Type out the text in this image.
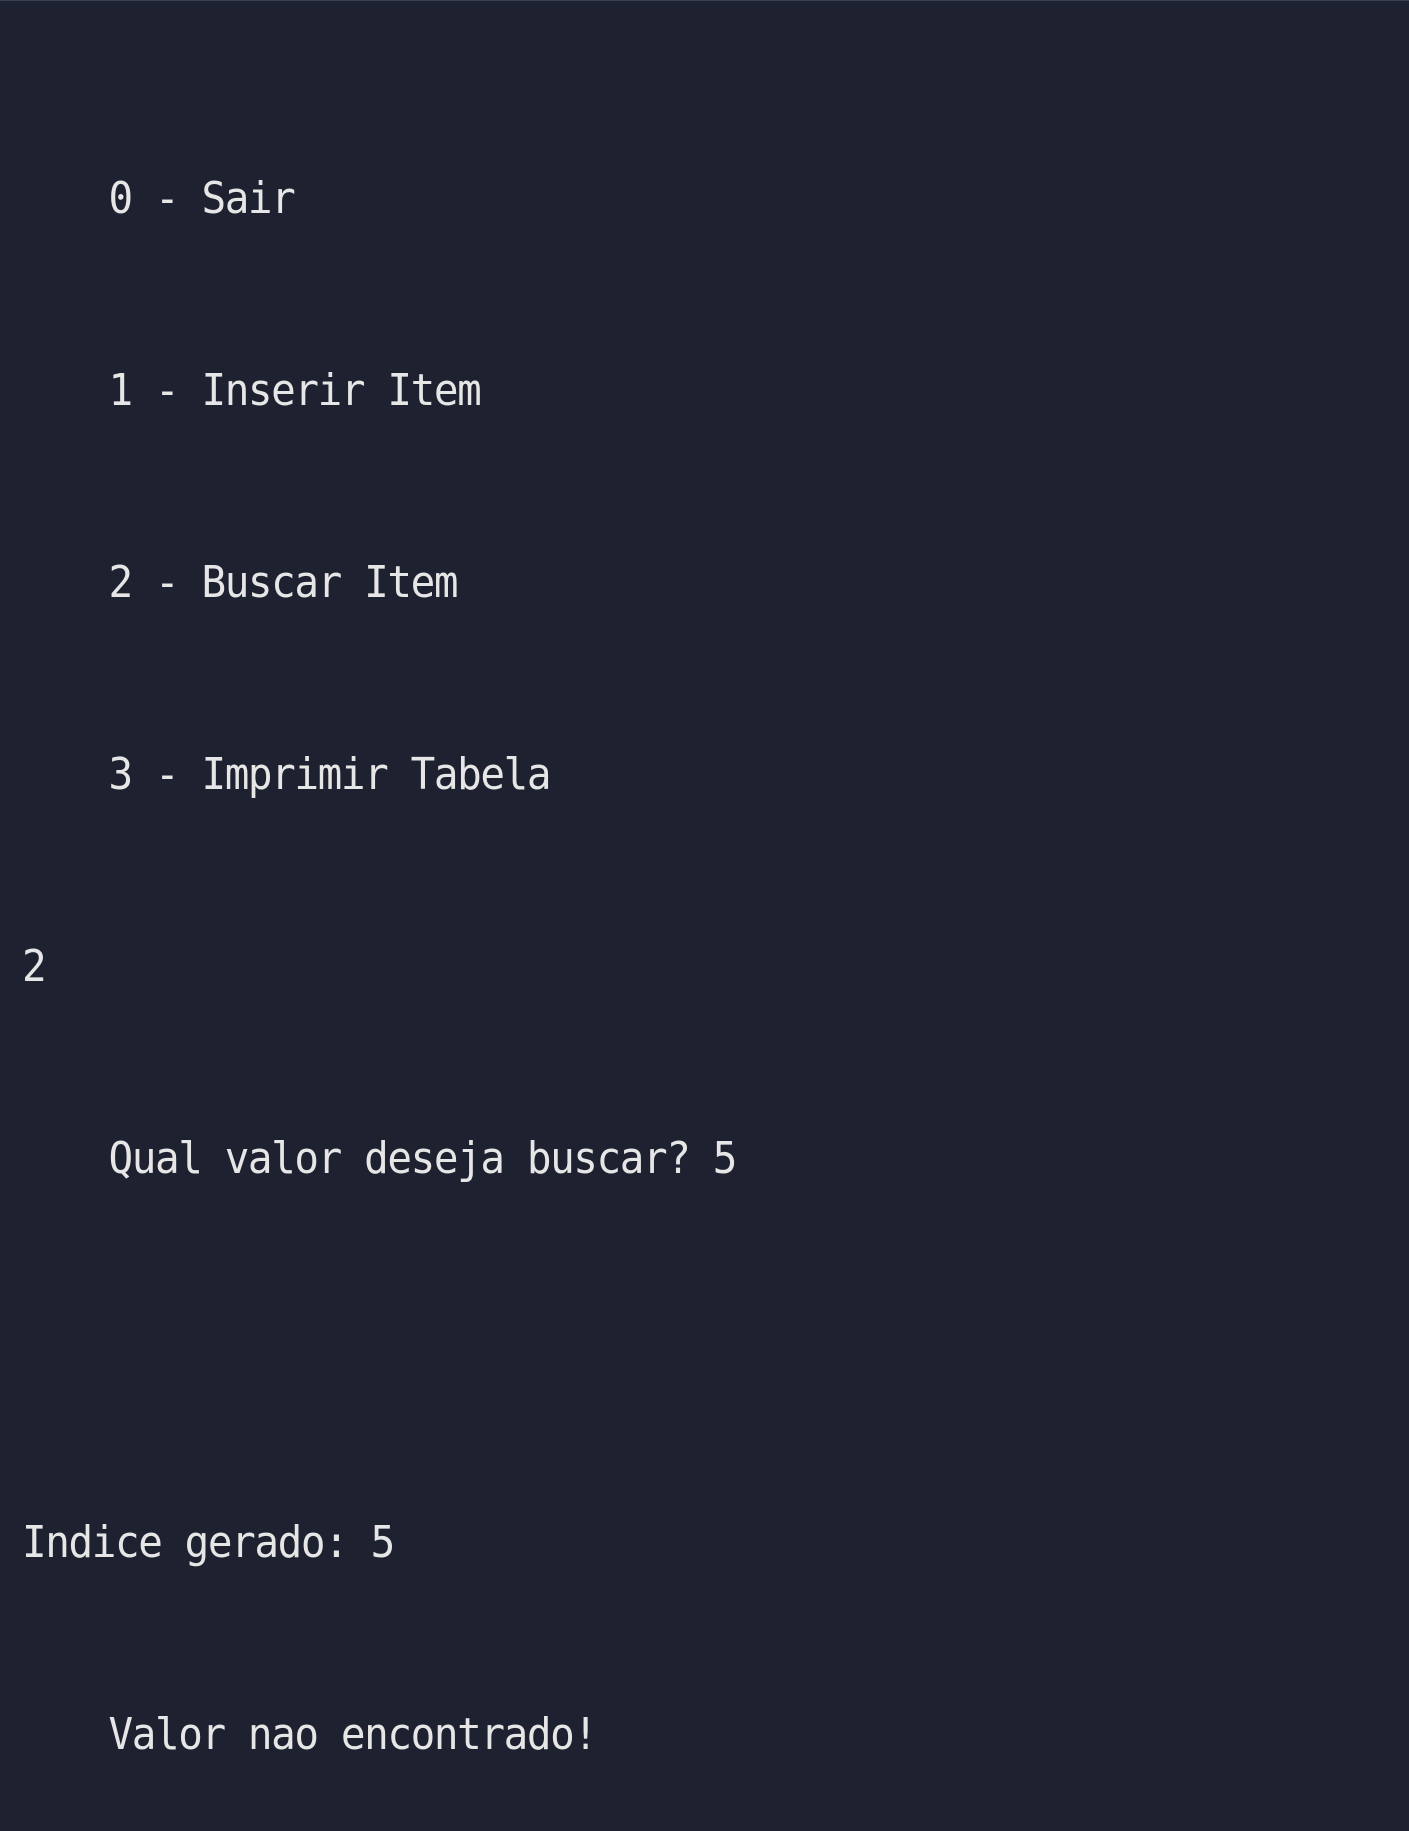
0 - Sair

1 - Inserir Item

2 - Buscar Item

3 - Imprimir Tabela

2

Qual valor deseja buscar? 5

Indice gerado: 5

Valor nao encontrado!
